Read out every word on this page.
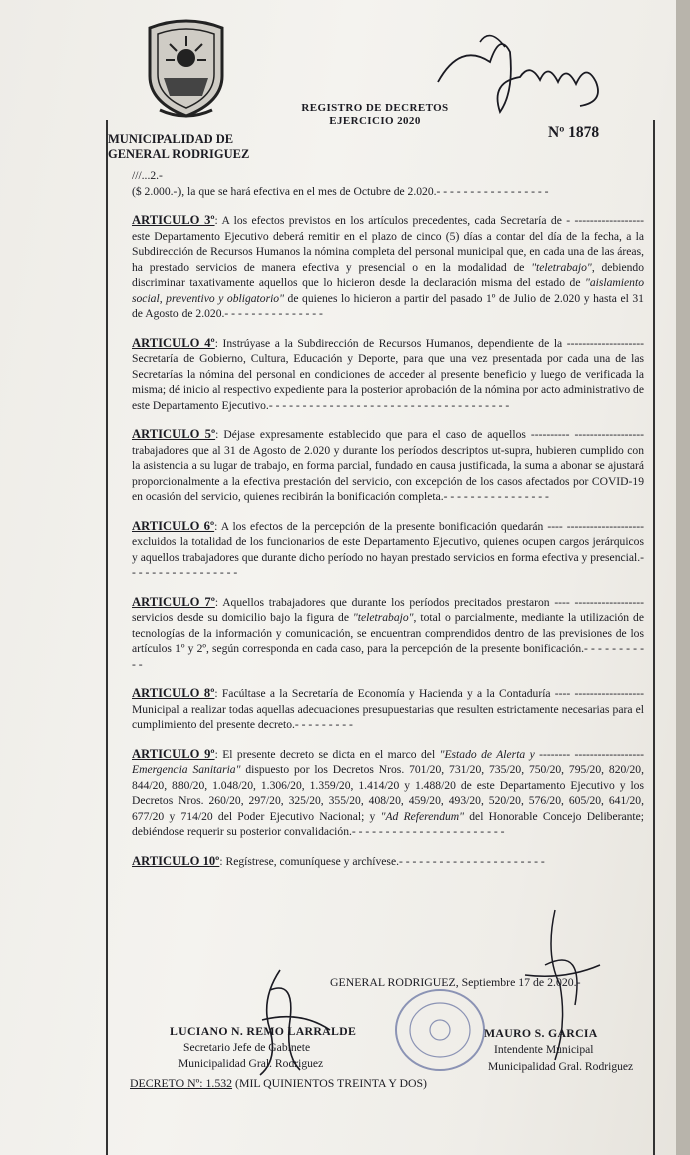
REGISTRO DE DECRETOS
EJERCICIO 2020
Nº 1878
MUNICIPALIDAD DE
GENERAL RODRIGUEZ

///...2.-

($ 2.000.-), la que se hará efectiva en el mes de Octubre de 2.020.- - - - - - - - - - - - - - - - -

ARTICULO 3º: A los efectos previstos en los artículos precedentes, cada Secretaría de - ------------------ este Departamento Ejecutivo deberá remitir en el plazo de cinco (5) días a contar del día de la fecha, a la Subdirección de Recursos Humanos la nómina completa del personal municipal que, en cada una de las áreas, ha prestado servicios de manera efectiva y presencial o en la modalidad de "teletrabajo", debiendo discriminar taxativamente aquellos que lo hicieron desde la declaración misma del estado de "aislamiento social, preventivo y obligatorio" de quienes lo hicieron a partir del pasado 1º de Julio de 2.020 y hasta el 31 de Agosto de 2.020.- - - - - - - - - - - - - - -

ARTICULO 4º: Instrúyase a la Subdirección de Recursos Humanos, dependiente de la -------------------- Secretaría de Gobierno, Cultura, Educación y Deporte, para que una vez presentada por cada una de las Secretarías la nómina del personal en condiciones de acceder al presente beneficio y luego de verificada la misma; dé inicio al respectivo expediente para la posterior aprobación de la nómina por acto administrativo de este Departamento Ejecutivo.- - - - - - - - - - - - - - - - - - - - - - - - - - - - - - - - - - - -

ARTICULO 5º: Déjase expresamente establecido que para el caso de aquellos ---------- ------------------ trabajadores que al 31 de Agosto de 2.020 y durante los períodos descriptos ut-supra, hubieren cumplido con la asistencia a su lugar de trabajo, en forma parcial, fundado en causa justificada, la suma a abonar se ajustará proporcionalmente a la efectiva prestación del servicio, con excepción de los casos afectados por COVID-19 en ocasión del servicio, quienes recibirán la bonificación completa.- - - - - - - - - - - - - - - -

ARTICULO 6º: A los efectos de la percepción de la presente bonificación quedarán ---- -------------------- excluidos la totalidad de los funcionarios de este Departamento Ejecutivo, quienes ocupen cargos jerárquicos y aquellos trabajadores que durante dicho período no hayan prestado servicios en forma efectiva y presencial.- - - - - - - - - - - - - - - - -

ARTICULO 7º: Aquellos trabajadores que durante los períodos precitados prestaron ---- ------------------ servicios desde su domicilio bajo la figura de "teletrabajo", total o parcialmente, mediante la utilización de tecnologías de la información y comunicación, se encuentran comprendidos dentro de las previsiones de los artículos 1º y 2º, según corresponda en cada caso, para la percepción de la presente bonificación.- - - - - - - - - - -

ARTICULO 8º: Facúltase a la Secretaría de Economía y Hacienda y a la Contaduría ---- ------------------ Municipal a realizar todas aquellas adecuaciones presupuestarias que resulten estrictamente necesarias para el cumplimiento del presente decreto.- - - - - - - - -

ARTICULO 9º: El presente decreto se dicta en el marco del "Estado de Alerta y -------- ------------------ Emergencia Sanitaria" dispuesto por los Decretos Nros. 701/20, 731/20, 735/20, 750/20, 795/20, 820/20, 844/20, 880/20, 1.048/20, 1.306/20, 1.359/20, 1.414/20 y 1.488/20 de este Departamento Ejecutivo y los Decretos Nros. 260/20, 297/20, 325/20, 355/20, 408/20, 459/20, 493/20, 520/20, 576/20, 605/20, 641/20, 677/20 y 714/20 del Poder Ejecutivo Nacional; y "Ad Referendum" del Honorable Concejo Deliberante; debiéndose requerir su posterior convalidación.- - - - - - - - - - - - - - - - - - - - - - -

ARTICULO 10º: Regístrese, comuníquese y archívese.- - - - - - - - - - - - - - - - - - - - - -

GENERAL RODRIGUEZ, Septiembre 17 de 2.020.-
LUCIANO N. REMO LARRALDE
Secretario Jefe de Gabinete
Municipalidad Gral. Rodriguez
MAURO S. GARCIA
Intendente Municipal
Municipalidad Gral. Rodriguez
DECRETO Nº: 1.532 (MIL QUINIENTOS TREINTA Y DOS)
